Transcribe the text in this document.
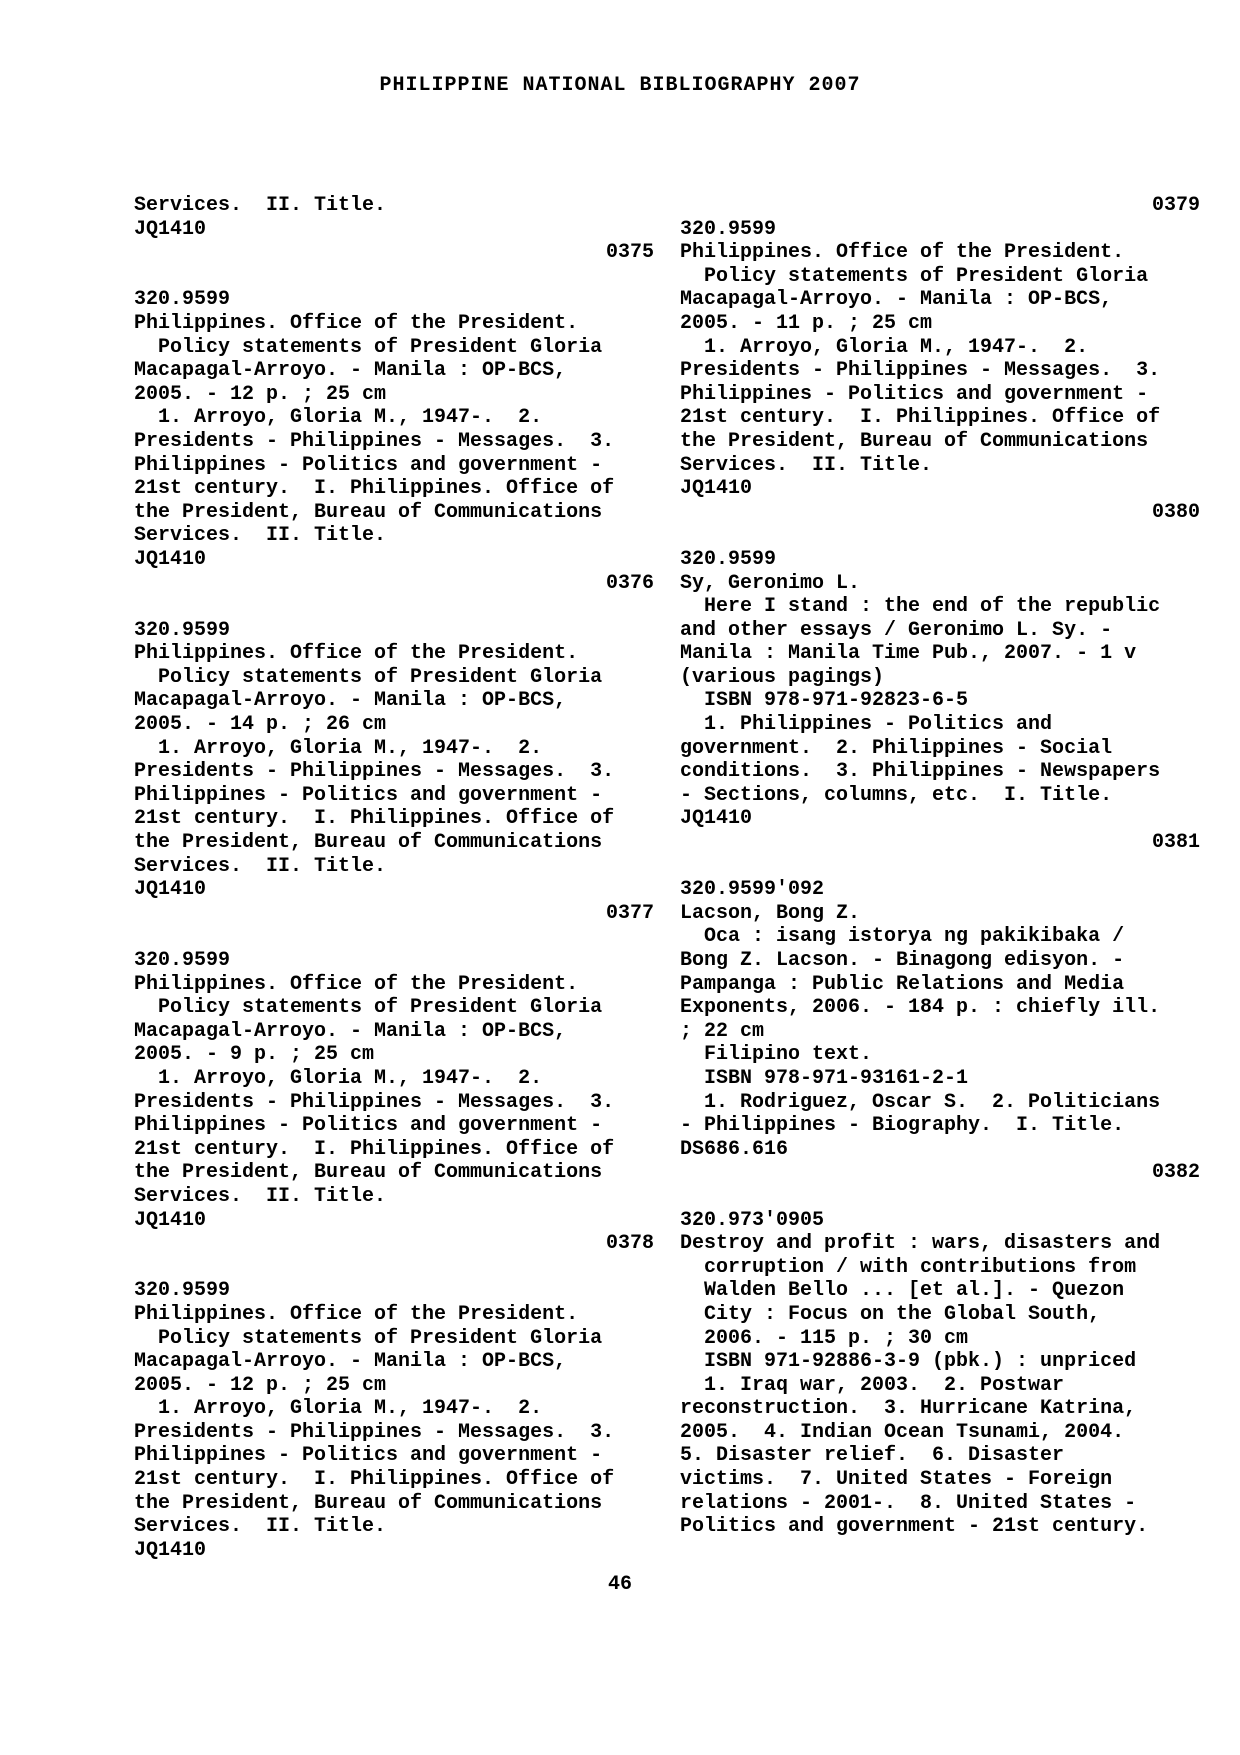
PHILIPPINE NATIONAL BIBLIOGRAPHY 2007
Services.  II. Title.
JQ1410
0375
320.9599
Philippines. Office of the President.
Policy statements of President Gloria
Macapagal-Arroyo. - Manila : OP-BCS,
2005. - 12 p. ; 25 cm
1. Arroyo, Gloria M., 1947-.  2.
Presidents - Philippines - Messages.  3.
Philippines - Politics and government -
21st century.  I. Philippines. Office of
the President, Bureau of Communications
Services.  II. Title.
JQ1410
0376
320.9599
Philippines. Office of the President.
Policy statements of President Gloria
Macapagal-Arroyo. - Manila : OP-BCS,
2005. - 14 p. ; 26 cm
1. Arroyo, Gloria M., 1947-.  2.
Presidents - Philippines - Messages.  3.
Philippines - Politics and government -
21st century.  I. Philippines. Office of
the President, Bureau of Communications
Services.  II. Title.
JQ1410
0377
320.9599
Philippines. Office of the President.
Policy statements of President Gloria
Macapagal-Arroyo. - Manila : OP-BCS,
2005. - 9 p. ; 25 cm
1. Arroyo, Gloria M., 1947-.  2.
Presidents - Philippines - Messages.  3.
Philippines - Politics and government -
21st century.  I. Philippines. Office of
the President, Bureau of Communications
Services.  II. Title.
JQ1410
0378
320.9599
Philippines. Office of the President.
Policy statements of President Gloria
Macapagal-Arroyo. - Manila : OP-BCS,
2005. - 12 p. ; 25 cm
1. Arroyo, Gloria M., 1947-.  2.
Presidents - Philippines - Messages.  3.
Philippines - Politics and government -
21st century.  I. Philippines. Office of
the President, Bureau of Communications
Services.  II. Title.
JQ1410
0379
320.9599
Philippines. Office of the President.
Policy statements of President Gloria
Macapagal-Arroyo. - Manila : OP-BCS,
2005. - 11 p. ; 25 cm
1. Arroyo, Gloria M., 1947-.  2.
Presidents - Philippines - Messages.  3.
Philippines - Politics and government -
21st century.  I. Philippines. Office of
the President, Bureau of Communications
Services.  II. Title.
JQ1410
0380
320.9599
Sy, Geronimo L.
Here I stand : the end of the republic
and other essays / Geronimo L. Sy. -
Manila : Manila Time Pub., 2007. - 1 v
(various pagings)
ISBN 978-971-92823-6-5
1. Philippines - Politics and
government.  2. Philippines - Social
conditions.  3. Philippines - Newspapers
- Sections, columns, etc.  I. Title.
JQ1410
0381
320.9599'092
Lacson, Bong Z.
Oca : isang istorya ng pakikibaka /
Bong Z. Lacson. - Binagong edisyon. -
Pampanga : Public Relations and Media
Exponents, 2006. - 184 p. : chiefly ill.
; 22 cm
Filipino text.
ISBN 978-971-93161-2-1
1. Rodriguez, Oscar S.  2. Politicians
- Philippines - Biography.  I. Title.
DS686.616
0382
320.973'0905
Destroy and profit : wars, disasters and
corruption / with contributions from
Walden Bello ... [et al.]. - Quezon
City : Focus on the Global South,
2006. - 115 p. ; 30 cm
ISBN 971-92886-3-9 (pbk.) : unpriced
1. Iraq war, 2003.  2. Postwar
reconstruction.  3. Hurricane Katrina,
2005.  4. Indian Ocean Tsunami, 2004.
5. Disaster relief.  6. Disaster
victims.  7. United States - Foreign
relations - 2001-.  8. United States -
Politics and government - 21st century.
46
